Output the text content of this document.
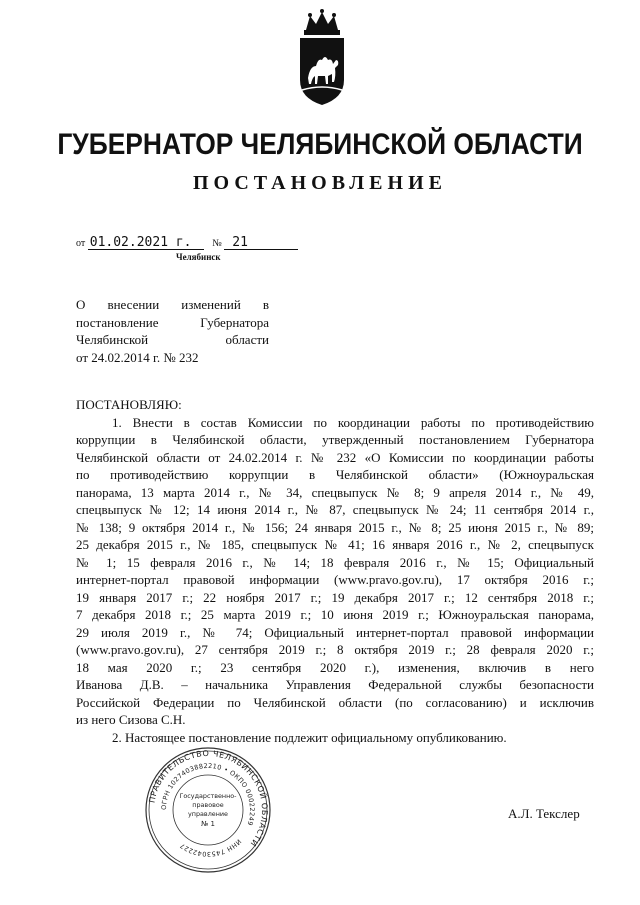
ГУБЕРНАТОР ЧЕЛЯБИНСКОЙ ОБЛАСТИ
ПОСТАНОВЛЕНИЕ
от 01.02.2021 г. № 21
Челябинск
О внесении изменений в
постановление Губернатора
Челябинской области
от 24.02.2014 г. № 232
ПОСТАНОВЛЯЮ:
1. Внести в состав Комиссии по координации работы по противодействию
коррупции в Челябинской области, утвержденный постановлением Губернатора
Челябинской области от 24.02.2014 г. № 232 «О Комиссии по координации работы
по противодействию коррупции в Челябинской области» (Южноуральская
панорама, 13 марта 2014 г., № 34, спецвыпуск № 8; 9 апреля 2014 г., № 49,
спецвыпуск № 12; 14 июня 2014 г., № 87, спецвыпуск № 24; 11 сентября 2014 г.,
№ 138; 9 октября 2014 г., № 156; 24 января 2015 г., № 8; 25 июня 2015 г., № 89;
25 декабря 2015 г., № 185, спецвыпуск № 41; 16 января 2016 г., № 2, спецвыпуск
№ 1; 15 февраля 2016 г., № 14; 18 февраля 2016 г., № 15; Официальный
интернет-портал правовой информации (www.pravo.gov.ru), 17 октября 2016 г.;
19 января 2017 г.; 22 ноября 2017 г.; 19 декабря 2017 г.; 12 сентября 2018 г.;
7 декабря 2018 г.; 25 марта 2019 г.; 10 июня 2019 г.; Южноуральская панорама,
29 июля 2019 г., № 74; Официальный интернет-портал правовой информации
(www.pravo.gov.ru), 27 сентября 2019 г.; 8 октября 2019 г.; 28 февраля 2020 г.;
18 мая 2020 г.; 23 сентября 2020 г.), изменения, включив в него
Иванова Д.В. – начальника Управления Федеральной службы безопасности
Российской Федерации по Челябинской области (по согласованию) и исключив
из него Сизова С.Н.
2. Настоящее постановление подлежит официальному опубликованию.
ПРАВИТЕЛЬСТВО ЧЕЛЯБИНСКОЙ ОБЛАСТИ
ОГРН 1027403882210 • ОКПО 00022249
ИНН 7453042227
Государственно-
правовое
управление
№ 1
А.Л. Текслер
